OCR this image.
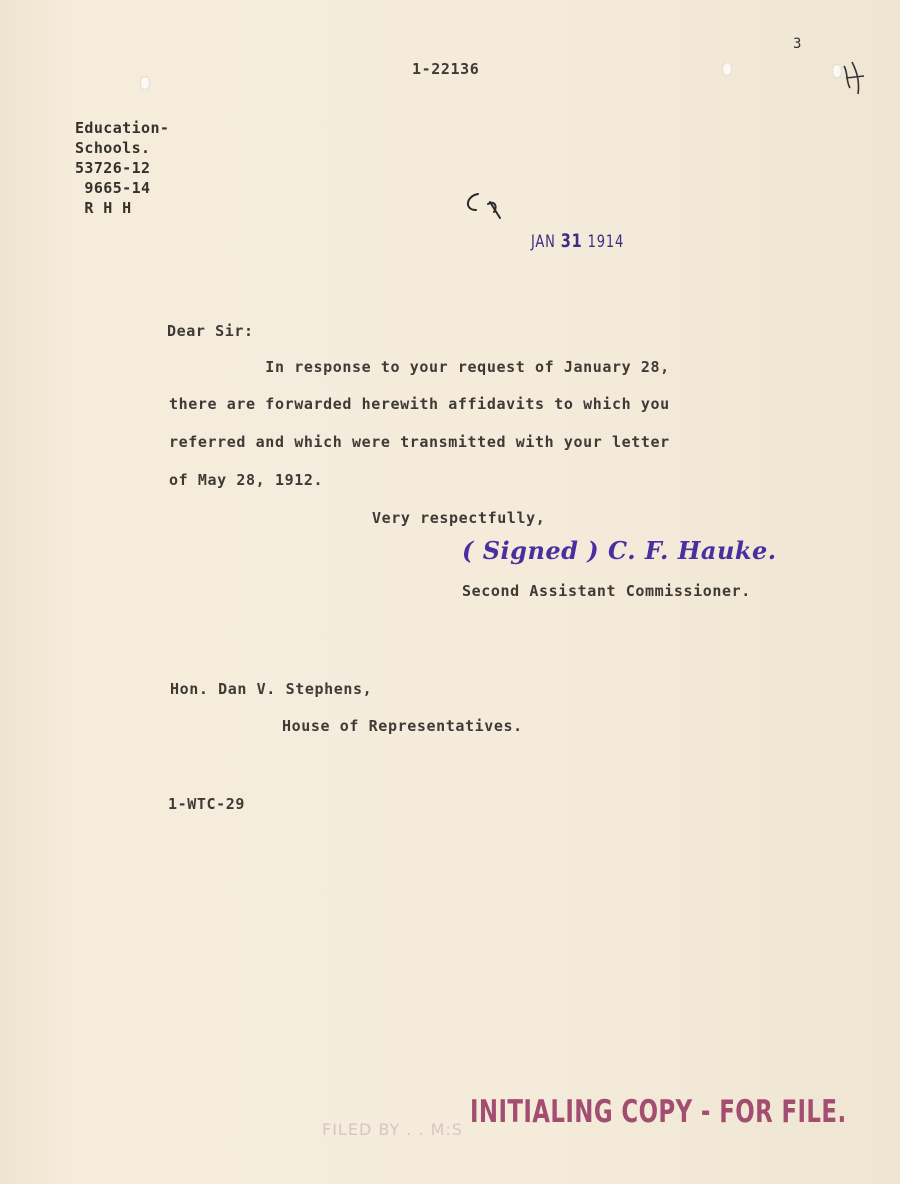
3
1-22136
Education-
Schools.
53726-12
9665-14
R H H
JAN 31 1914
Dear Sir:
In response to your request of January 28,
there are forwarded herewith affidavits to which you
referred and which were transmitted with your letter
of May 28, 1912.
Very respectfully,
( Signed ) C. F. Hauke.
Second Assistant Commissioner.
Hon. Dan V. Stephens,
House of Representatives.
1-WTC-29
FILED BY . . M:S INITIALING COPY - FOR FILE.
